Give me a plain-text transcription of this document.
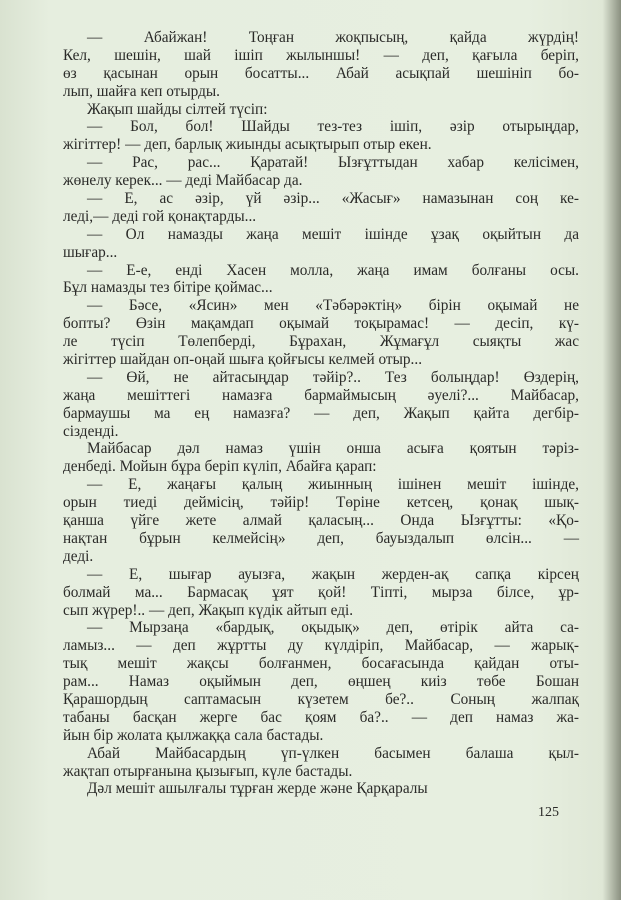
— Абайжан! Тоңған жоқпысың, қайда жүрдің!
Кел, шешін, шай ішіп жылыншы! — деп, қағыла беріп,
өз қасынан орын босатты... Абай асықпай шешініп бо-
лып, шайға кеп отырды.
Жақып шайды сілтей түсіп:
— Бол, бол! Шайды тез-тез ішіп, әзір отырыңдар,
жігіттер! — деп, барлық жиынды асықтырып отыр екен.
— Рас, рас... Қаратай! Ызғұттыдан хабар келісімен,
жөнелу керек... — деді Майбасар да.
— Е, ас әзір, үй әзір... «Жасығ» намазынан соң ке-
леді,— деді гой қонақтарды...
— Ол намазды жаңа мешіт ішінде ұзақ оқыйтын да
шығар...
— Е-е, енді Хасен молла, жаңа имам болғаны осы.
Бұл намазды тез бітіре қоймас...
— Бәсе, «Ясин» мен «Тәбәрәктің» бірін оқымай не
бопты? Өзін мақамдап оқымай тоқырамас! — десіп, кү-
ле түсіп Төлепберді, Бұрахан, Жұмағұл сыяқты жас
жігіттер шайдан оп-оңай шыға қойғысы келмей отыр...
— Өй, не айтасыңдар тәйір?.. Тез болыңдар! Өздерің,
жаңа мешіттегі намазға бармаймысың әуелі?... Майбасар,
бармаушы ма ең намазға? — деп, Жақып қайта дегбір-
сізденді.
Майбасар дәл намаз үшін онша асыға қоятын тәріз-
денбеді. Мойын бұра беріп күліп, Абайға қарап:
— Е, жаңағы қалың жиынның ішінен мешіт ішінде,
орын тиеді деймісің, тәйір! Төріне кетсең, қонақ шық-
қанша үйге жете алмай қаласың... Онда Ызғұтты: «Қо-
нақтан бұрын келмейсің» деп, бауыздалып өлсін... —
деді.
— Е, шығар ауызға, жақын жерден-ақ сапқа кірсең
болмай ма... Бармасақ ұят қой! Тіпті, мырза білсе, ұр-
сып жүрер!.. — деп, Жақып күдік айтып еді.
— Мырзаңа «бардық, оқыдық» деп, өтірік айта са-
ламыз... — деп жұртты ду күлдіріп, Майбасар, — жарық-
тық мешіт жақсы болғанмен, босағасында қайдан оты-
рам... Намаз оқыймын деп, өңшең киіз төбе Бошан
Қарашордың саптамасын күзетем бе?.. Соның жалпақ
табаны басқан жерге бас қоям ба?.. — деп намаз жа-
йын бір жолата қылжаққа сала бастады.
Абай Майбасардың үп-үлкен басымен балаша қыл-
жақтап отырғанына қызығып, күле бастады.
Дәл мешіт ашылғалы тұрған жерде және Қарқаралы
125
